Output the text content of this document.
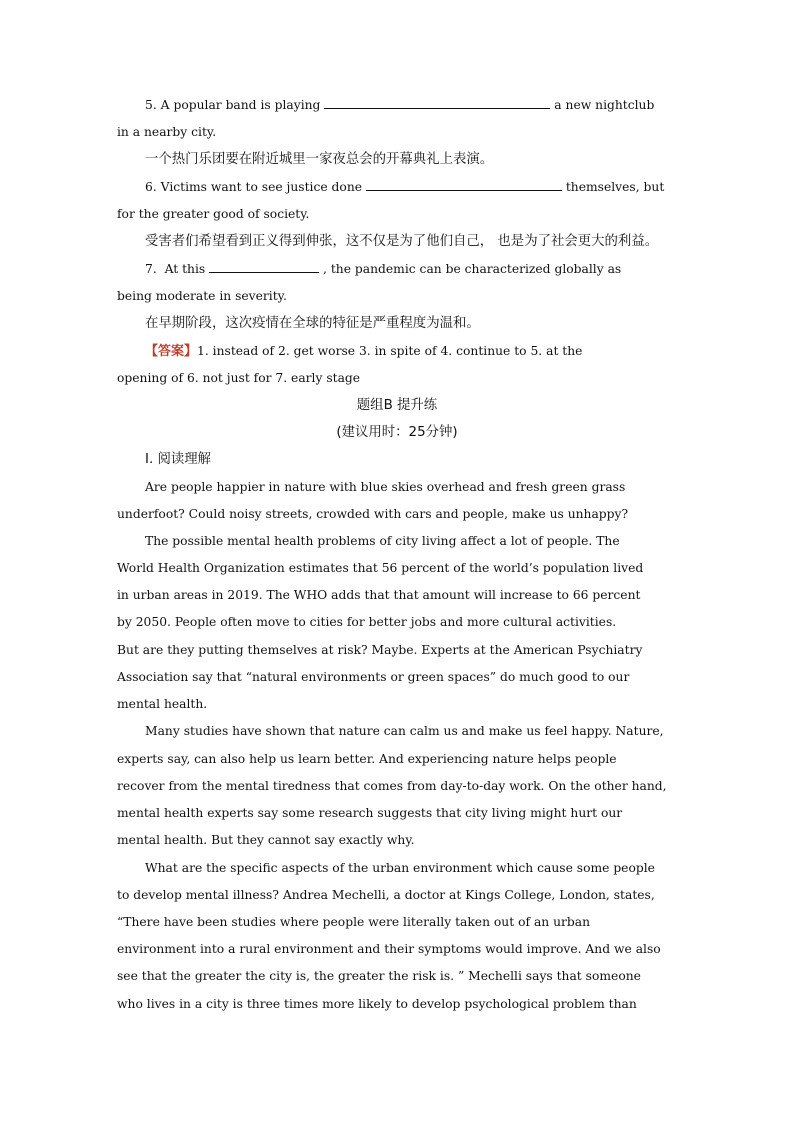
5. A popular band is playing	a new nightclub
in a nearby city.
一个热门乐团要在附近城里一家夜总会的开幕典礼上表演。
6. Victims want to see justice done	themselves, but
for the greater good of society.
受害者们希望看到正义得到伸张，这不仅是为了他们自己， 也是为了社会更大的利益。
7. At this	, the pandemic can be characterized globally as
being moderate in severity.
在早期阶段，这次疫情在全球的特征是严重程度为温和。
【答案】1. instead of 2. get worse 3. in spite of 4. continue to 5. at the
opening of 6. not just for 7. early stage
题组B 提升练
(建议用时：25分钟)
Ⅰ. 阅读理解
Are people happier in nature with blue skies overhead and fresh green grass
underfoot? Could noisy streets, crowded with cars and people, make us unhappy?
The possible mental health problems of city living affect a lot of people. The
World Health Organization estimates that 56 percent of the world’s population lived
in urban areas in 2019. The WHO adds that that amount will increase to 66 percent
by 2050. People often move to cities for better jobs and more cultural activities.
But are they putting themselves at risk? Maybe. Experts at the American Psychiatry
Association say that “natural environments or green spaces” do much good to our
mental health.
Many studies have shown that nature can calm us and make us feel happy. Nature,
experts say, can also help us learn better. And experiencing nature helps people
recover from the mental tiredness that comes from day-to-day work. On the other hand,
mental health experts say some research suggests that city living might hurt our
mental health. But they cannot say exactly why.
What are the specific aspects of the urban environment which cause some people
to develop mental illness? Andrea Mechelli, a doctor at Kings College, London, states,
“There have been studies where people were literally taken out of an urban
environment into a rural environment and their symptoms would improve. And we also
see that the greater the city is, the greater the risk is. ” Mechelli says that someone
who lives in a city is three times more likely to develop psychological problem than
